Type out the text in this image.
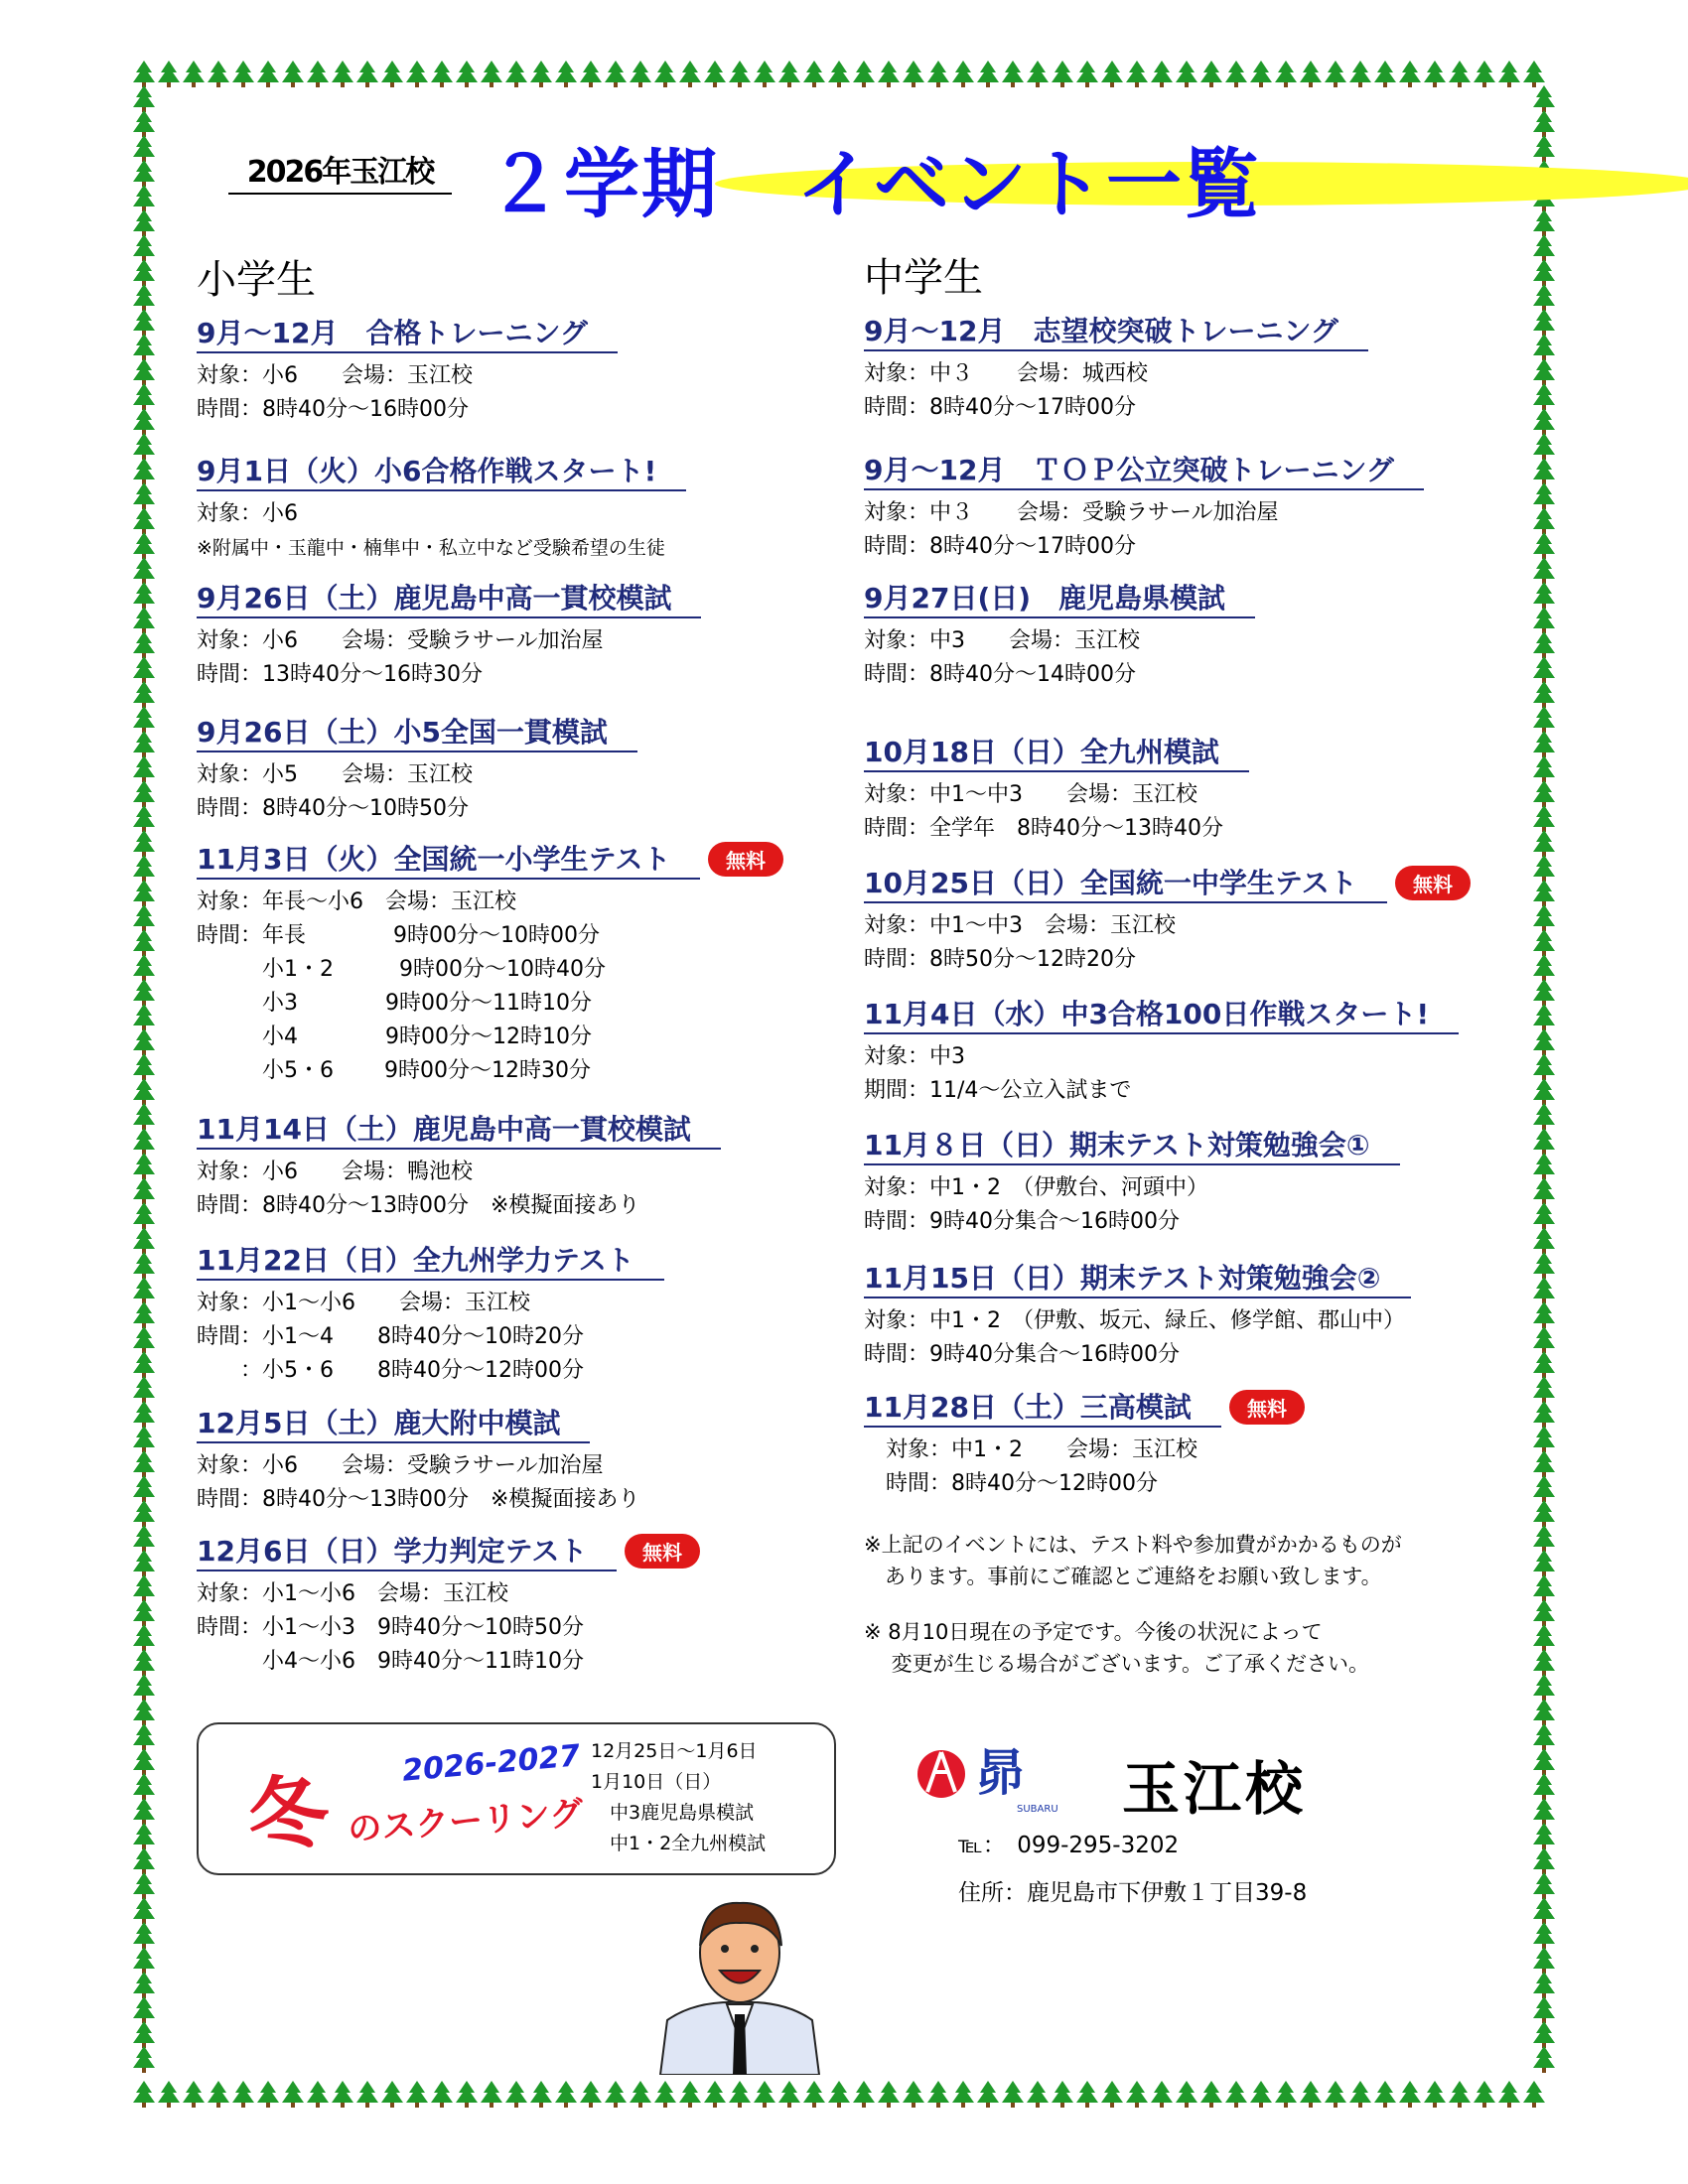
2026年玉江校 ２学期　イベント一覧
小学生	中学生
9月〜12月　合格トレーニング
対象：小6　　会場：玉江校
時間：8時40分〜16時00分
9月1日（火）小6合格作戦スタート!
対象：小6
※附属中・玉龍中・楠隼中・私立中など受験希望の生徒
9月26日（土）鹿児島中高一貫校模試
対象：小6　　会場：受験ラサール加治屋
時間：13時40分〜16時30分
9月26日（土）小5全国一貫模試
対象：小5　　会場：玉江校
時間：8時40分〜10時50分
11月3日（火）全国統一小学生テスト	無料
対象：年長〜小6　会場：玉江校
時間：年長　　　　9時00分〜10時00分
　　　小1・2　　　9時00分〜10時40分
　　　小3　　　　9時00分〜11時10分
　　　小4　　　　9時00分〜12時10分
　　　小5・6　　 9時00分〜12時30分
11月14日（土）鹿児島中高一貫校模試
対象：小6　　会場：鴨池校
時間：8時40分〜13時00分　※模擬面接あり
11月22日（日）全九州学力テスト
対象：小1〜小6　　会場：玉江校
時間：小1〜4　　8時40分〜10時20分
　　：小5・6　　8時40分〜12時00分
12月5日（土）鹿大附中模試
対象：小6　　会場：受験ラサール加治屋
時間：8時40分〜13時00分　※模擬面接あり
12月6日（日）学力判定テスト	無料
対象：小1〜小6　会場：玉江校
時間：小1〜小3　9時40分〜10時50分
　　　小4〜小6　9時40分〜11時10分
9月〜12月　志望校突破トレーニング
対象：中３　　会場：城西校
時間：8時40分〜17時00分
9月〜12月　ＴＯＰ公立突破トレーニング
対象：中３　　会場：受験ラサール加治屋
時間：8時40分〜17時00分
9月27日(日)　鹿児島県模試
対象：中3　　会場：玉江校
時間：8時40分〜14時00分
10月18日（日）全九州模試
対象：中1〜中3　　会場：玉江校
時間：全学年　8時40分〜13時40分
10月25日（日）全国統一中学生テスト	無料
対象：中1〜中3　会場：玉江校
時間：8時50分〜12時20分
11月4日（水）中3合格100日作戦スタート!
対象：中3
期間：11/4〜公立入試まで
11月８日（日）期末テスト対策勉強会①
対象：中1・2　（伊敷台、河頭中）
時間：9時40分集合〜16時00分
11月15日（日）期末テスト対策勉強会②
対象：中1・2　（伊敷、坂元、緑丘、修学館、郡山中）
時間：9時40分集合〜16時00分
11月28日（土）三高模試	無料
　対象：中1・2　　会場：玉江校
　時間：8時40分〜12時00分
※上記のイベントには、テスト料や参加費がかかるものが
　あります。事前にご確認とご連絡をお願い致します。
※ 8月10日現在の予定です。今後の状況によって
　 変更が生じる場合がございます。ご了承ください。
冬 2026-2027
のスクーリング
12月25日〜1月6日
1月10日（日）
　中3鹿児島県模試
　中1・2全九州模試
昴
SUBARU 玉江校
℡：　099-295-3202
住所：鹿児島市下伊敷１丁目39-8
